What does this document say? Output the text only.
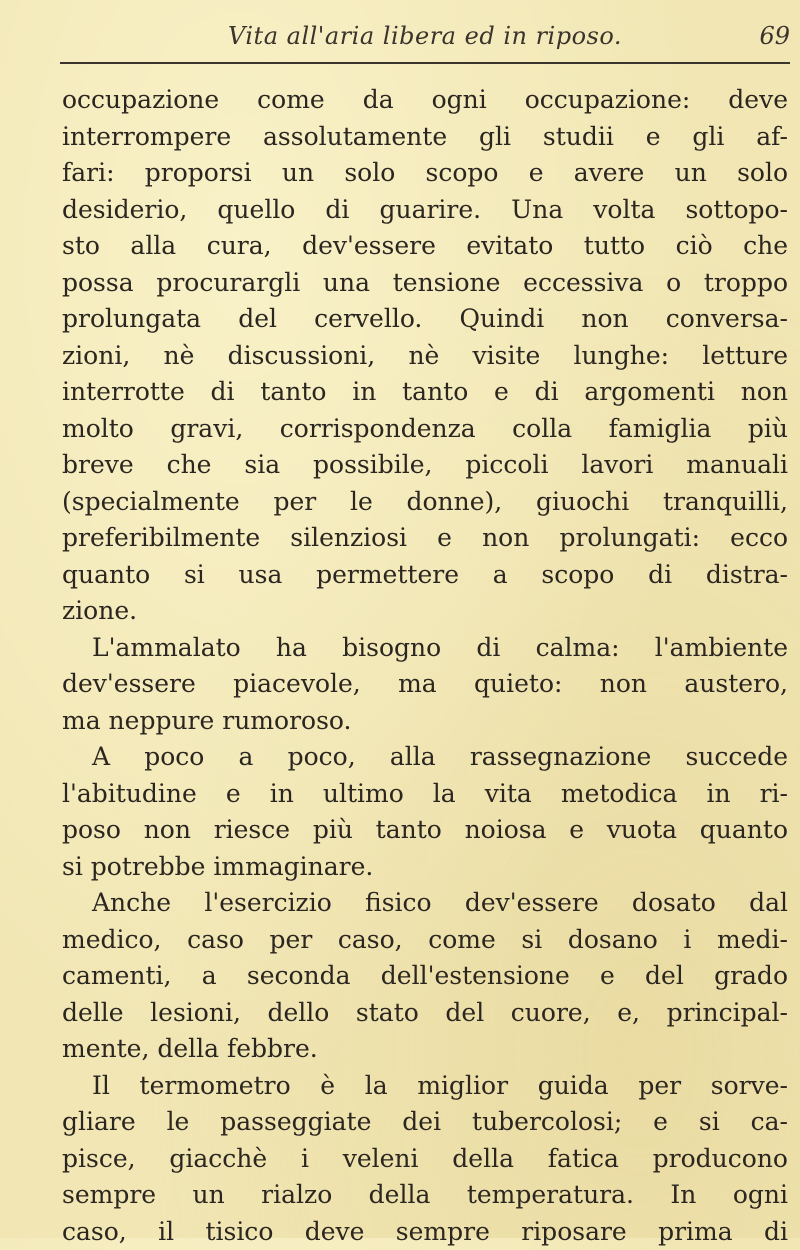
Vita all'aria libera ed in riposo.	69
occupazione come da ogni occupazione: deve
interrompere assolutamente gli studii e gli af-
fari: proporsi un solo scopo e avere un solo
desiderio, quello di guarire. Una volta sottopo-
sto alla cura, dev'essere evitato tutto ciò che
possa procurargli una tensione eccessiva o troppo
prolungata del cervello. Quindi non conversa-
zioni, nè discussioni, nè visite lunghe: letture
interrotte di tanto in tanto e di argomenti non
molto gravi, corrispondenza colla famiglia più
breve che sia possibile, piccoli lavori manuali
(specialmente per le donne), giuochi tranquilli,
preferibilmente silenziosi e non prolungati: ecco
quanto si usa permettere a scopo di distra-
zione.
L'ammalato ha bisogno di calma: l'ambiente
dev'essere piacevole, ma quieto: non austero,
ma neppure rumoroso.
A poco a poco, alla rassegnazione succede
l'abitudine e in ultimo la vita metodica in ri-
poso non riesce più tanto noiosa e vuota quanto
si potrebbe immaginare.
Anche l'esercizio fisico dev'essere dosato dal
medico, caso per caso, come si dosano i medi-
camenti, a seconda dell'estensione e del grado
delle lesioni, dello stato del cuore, e, principal-
mente, della febbre.
Il termometro è la miglior guida per sorve-
gliare le passeggiate dei tubercolosi; e si ca-
pisce, giacchè i veleni della fatica producono
sempre un rialzo della temperatura. In ogni
caso, il tisico deve sempre riposare prima di
